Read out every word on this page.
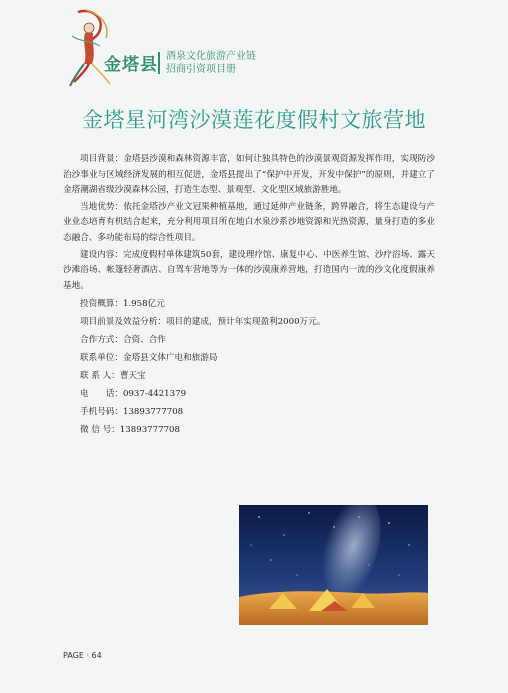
金塔县 酒泉文化旅游产业链
招商引资项目册
金塔星河湾沙漠莲花度假村文旅营地

项目背景：金塔县沙漠和森林资源丰富，如何让独具特色的沙漠景观资源发挥作用，实现防沙治沙事业与区域经济发展的相互促进，金塔县提出了“保护中开发，开发中保护”的原则，并建立了金塔潮湖省级沙漠森林公园，打造生态型、景观型、文化型区域旅游胜地。

当地优势：依托金塔沙产业文冠果种植基地，通过延伸产业链条，跨界融合，将生态建设与产业业态培育有机结合起来，充分利用项目所在地白水泉沙系沙地资源和光热资源，量身打造的多业态融合、多功能布局的综合性项目。

建设内容：完成度假村单体建筑50套，建设理疗馆、康复中心、中医养生馆、沙疗浴场、露天沙滩浴场、帐篷轻奢酒店、自驾车营地等为一体的沙漠康养营地，打造国内一流的沙文化度假康养基地。

投资概算：1.958亿元
项目前景及效益分析：项目的建成，预计年实现盈利2000万元。
合作方式：合资、合作
联系单位：金塔县文体广电和旅游局
联 系 人：曹天宝
电　　话：0937-4421379
手机号码：13893777708
微 信 号：13893777708
PAGE · 64
